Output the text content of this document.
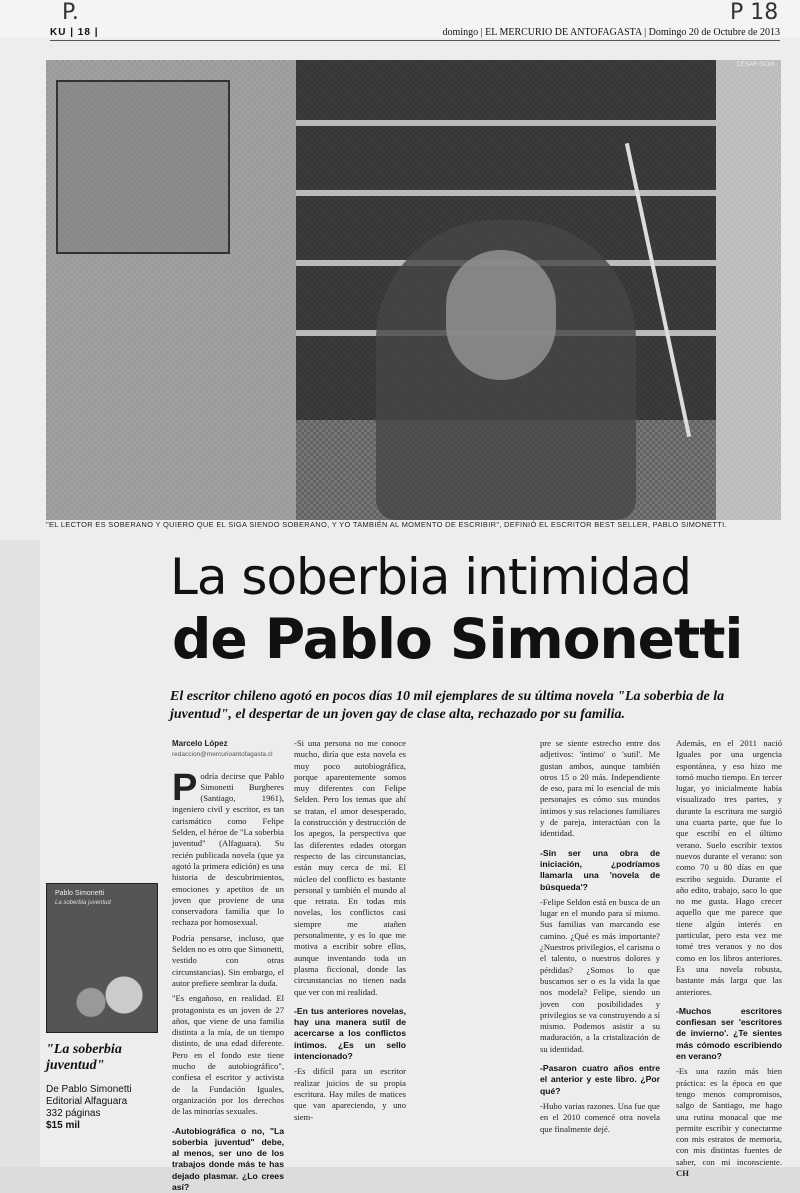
P.	P 18
KU | 18 |	domingo | EL MERCURIO DE ANTOFAGASTA | Domingo 20 de Octubre de 2013
CÉSAR SILVA
"EL LECTOR ES SOBERANO Y QUIERO QUE EL SIGA SIENDO SOBERANO, Y YO TAMBIÉN AL MOMENTO DE ESCRIBIR", DEFINIÓ EL ESCRITOR BEST SELLER, PABLO SIMONETTI.
La soberbia intimidad
de Pablo Simonetti
El escritor chileno agotó en pocos días 10 mil ejemplares de su última novela "La soberbia de la juventud", el despertar de un joven gay de clase alta, rechazado por su familia.
Pablo Simonetti
La soberbia juventud
"La soberbia juventud"
De Pablo Simonetti
Editorial Alfaguara
332 páginas
$15 mil
Marcelo López
redaccion@mercurioantofagasta.cl
P odría decirse que Pablo Simonetti Burgheres (Santiago, 1961), ingeniero civil y escritor, es tan carismático como Felipe Selden, el héroe de "La soberbia juventud" (Alfaguara). Su recién publicada novela (que ya agotó la primera edición) es una historia de descubrimientos, emociones y apetitos de un joven que proviene de una conservadora familia que lo rechaza por homosexual.

Podría pensarse, incluso, que Selden no es otro que Simonetti, vestido con otras circunstancias). Sin embargo, el autor prefiere sembrar la duda.

"Es engañoso, en realidad. El protagonista es un joven de 27 años, que viene de una familia distinta a la mía, de un tiempo distinto, de una edad diferente. Pero en el fondo este tiene mucho de autobiográfico", confiesa el escritor y activista de la Fundación Iguales, organización por los derechos de las minorías sexuales.

-Autobiográfica o no, "La soberbia juventud" debe, al menos, ser uno de los trabajos donde más te has dejado plasmar. ¿Lo crees así?

-Si una persona no me conoce mucho, diría que esta novela es muy poco autobiográfica, porque aparentemente somos muy diferentes con Felipe Selden. Pero los temas que ahí se tratan, el amor desesperado, la construcción y destrucción de los apegos, la perspectiva que las diferentes edades otorgan respecto de las circunstancias, están muy cerca de mí. El núcleo del conflicto es bastante personal y también el mundo al que retrata. En todas mis novelas, los conflictos casi siempre me atañen personalmente, y es lo que me motiva a escribir sobre ellos, aunque inventando toda un plasma ficcional, donde las circunstancias no tienen nada que ver con mi realidad.

-En tus anteriores novelas, hay una manera sutil de acercarse a los conflictos íntimos. ¿Es un sello intencionado?

-Es difícil para un escritor realizar juicios de su propia escritura. Hay miles de matices que van apareciendo, y uno siem-

pre se siente estrecho entre dos adjetivos: 'íntimo' o 'sutil'. Me gustan ambos, aunque también otros 15 o 20 más. Independiente de eso, para mí lo esencial de mis personajes es cómo sus mundos íntimos y sus relaciones familiares y de pareja, interactúan con la identidad.

-Sin ser una obra de iniciación, ¿podríamos llamarla una 'novela de búsqueda'?

-Felipe Seldon está en busca de un lugar en el mundo para sí mismo. Sus familias van marcando ese camino. ¿Qué es más importante? ¿Nuestros privilegios, el carisma o el talento, o nuestros dolores y pérdidas? ¿Somos lo que buscamos ser o es la vida la que nos modela? Felipe, siendo un joven con posibilidades y privilegios se va construyendo a sí mismo. Podemos asistir a su maduración, a la cristalización de su identidad.

-Pasaron cuatro años entre el anterior y este libro. ¿Por qué?

-Hubo varias razones. Una fue que en el 2010 comencé otra novela que finalmente dejé.

Además, en el 2011 nació Iguales por una urgencia espontánea, y eso hizo me tomó mucho tiempo. En tercer lugar, yo inicialmente había visualizado tres partes, y durante la escritura me surgió una cuarta parte, que fue lo que escribí en el último verano. Suelo escribir textos nuevos durante el verano: son como 70 u 80 días en que escribo seguido. Durante el año edito, trabajo, saco lo que no me gusta. Hago crecer aquello que me parece que tiene algún interés en particular, pero esta vez me tomé tres veranos y no dos como en los libros anteriores. Es una novela robusta, bastante más larga que las anteriores.

-Muchos escritores confiesan ser 'escritores de invierno'. ¿Te sientes más cómodo escribiendo en verano?

-Es una razón más bien práctica: es la época en que tengo menos compromisos, salgo de Santiago, me hago una rutina monacal que me permite escribir y conectarme con mis estratos de memoria, con mis distintas fuentes de saber, con mi inconsciente. CH
